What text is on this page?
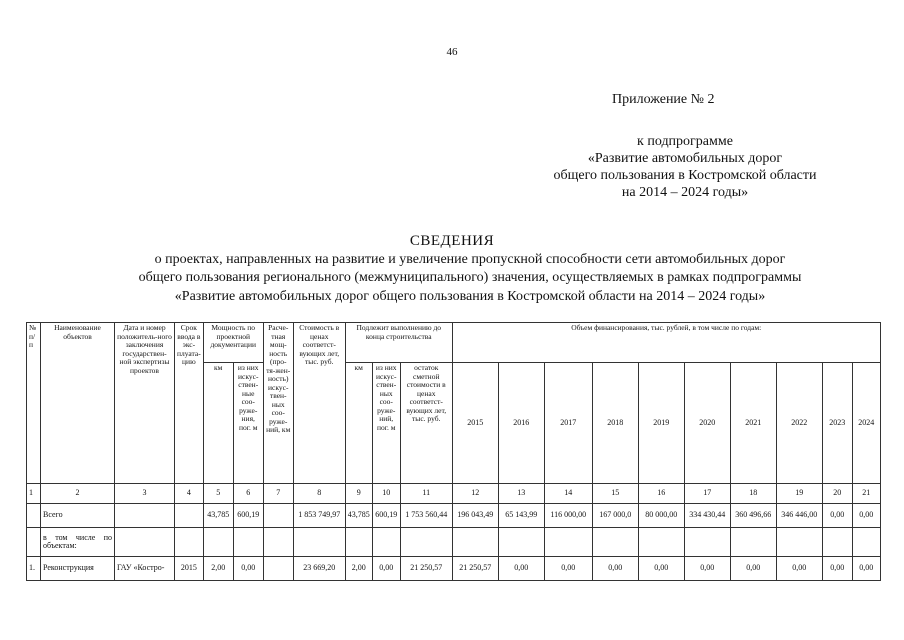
46
Приложение № 2
к подпрограмме
«Развитие автомобильных дорог
общего пользования в Костромской области
на 2014 – 2024 годы»
СВЕДЕНИЯ
о проектах, направленных на развитие и увеличение пропускной способности сети автомобильных дорог
общего пользования регионального (межмуниципального) значения, осуществляемых в рамках подпрограммы
«Развитие автомобильных дорог общего пользования в Костромской области на 2014 – 2024 годы»
№ п/ п	Наименование объектов	Дата и номер положитель-ного заключения государствен-ной экспертизы проектов	Срок ввода в экс-плуата-цию	Мощность по проектной документации		Расче-тная мощ-ность (про-тя-жен-ность) искус-твен-ных соо-руже-ний, км	Стоимость в ценах соответст-вующих лет, тыс. руб.	Подлежит выполнению до конца строительства			Объем финансирования, тыс. рублей, в том числе по годам:									
				км	из них искус-ствен-ные соо-руже-ния, пог. м			км	из них искус-ствен-ных соо-руже-ний, пог. м	остаток сметной стоимости в ценах соответст-вующих лет, тыс. руб.	2015	2016	2017	2018	2019	2020	2021	2022	2023	2024
1	2	3	4	5	6	7	8	9	10	11	12	13	14	15	16	17	18	19	20	21
	Всего			43,785	600,19		1 853 749,97	43,785	600,19	1 753 560,44	196 043,49	65 143,99	116 000,00	167 000,0	80 000,00	334 430,44	360 496,66	346 446,00	0,00	0,00
	в том числе по объектам:																			
1.	Реконструкция	ГАУ «Костро-	2015	2,00	0,00		23 669,20	2,00	0,00	21 250,57	21 250,57	0,00	0,00	0,00	0,00	0,00	0,00	0,00	0,00	0,00
